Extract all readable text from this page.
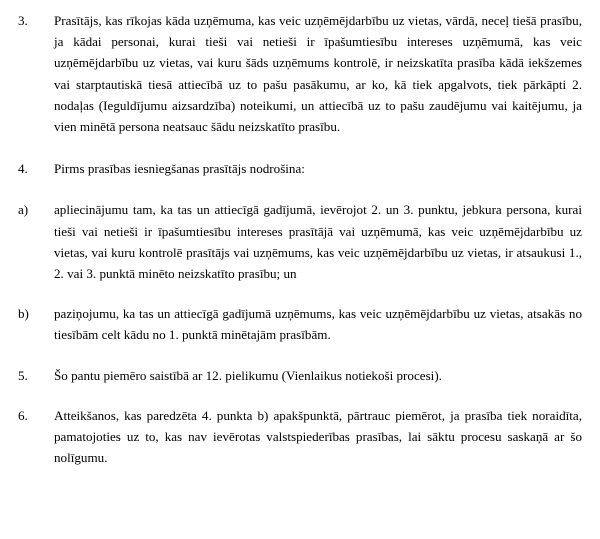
3.	Prasītājs, kas rīkojas kāda uzņēmuma, kas veic uzņēmējdarbību uz vietas, vārdā, neceļ tiešā prasību, ja kādai personai, kurai tieši vai netieši ir īpašumtiesību intereses uzņēmumā, kas veic uzņēmējdarbību uz vietas, vai kuru šāds uzņēmums kontrolē, ir neizskatīta prasība kādā iekšzemes vai starptautiskā tiesā attiecībā uz to pašu pasākumu, ar ko, kā tiek apgalvots, tiek pārkāpti 2. nodaļas (Ieguldījumu aizsardzība) noteikumi, un attiecībā uz to pašu zaudējumu vai kaitējumu, ja vien minētā persona neatsauc šādu neizskatīto prasību.
4.	Pirms prasības iesniegšanas prasītājs nodrošina:
a)	apliecinājumu tam, ka tas un attiecīgā gadījumā, ievērojot 2. un 3. punktu, jebkura persona, kurai tieši vai netieši ir īpašumtiesību intereses prasītājā vai uzņēmumā, kas veic uzņēmējdarbību uz vietas, vai kuru kontrolē prasītājs vai uzņēmums, kas veic uzņēmējdarbību uz vietas, ir atsaukusi 1., 2. vai 3. punktā minēto neizskatīto prasību; un
b)	paziņojumu, ka tas un attiecīgā gadījumā uzņēmums, kas veic uzņēmējdarbību uz vietas, atsakās no tiesībām celt kādu no 1. punktā minētajām prasībām.
5.	Šo pantu piemēro saistībā ar 12. pielikumu (Vienlaikus notiekoši procesi).
6.	Atteikšanos, kas paredzēta 4. punkta b) apakšpunktā, pārtrauc piemērot, ja prasība tiek noraidīta, pamatojoties uz to, kas nav ievērotas valstspiederības prasības, lai sāktu procesu saskaņā ar šo nolīgumu.
